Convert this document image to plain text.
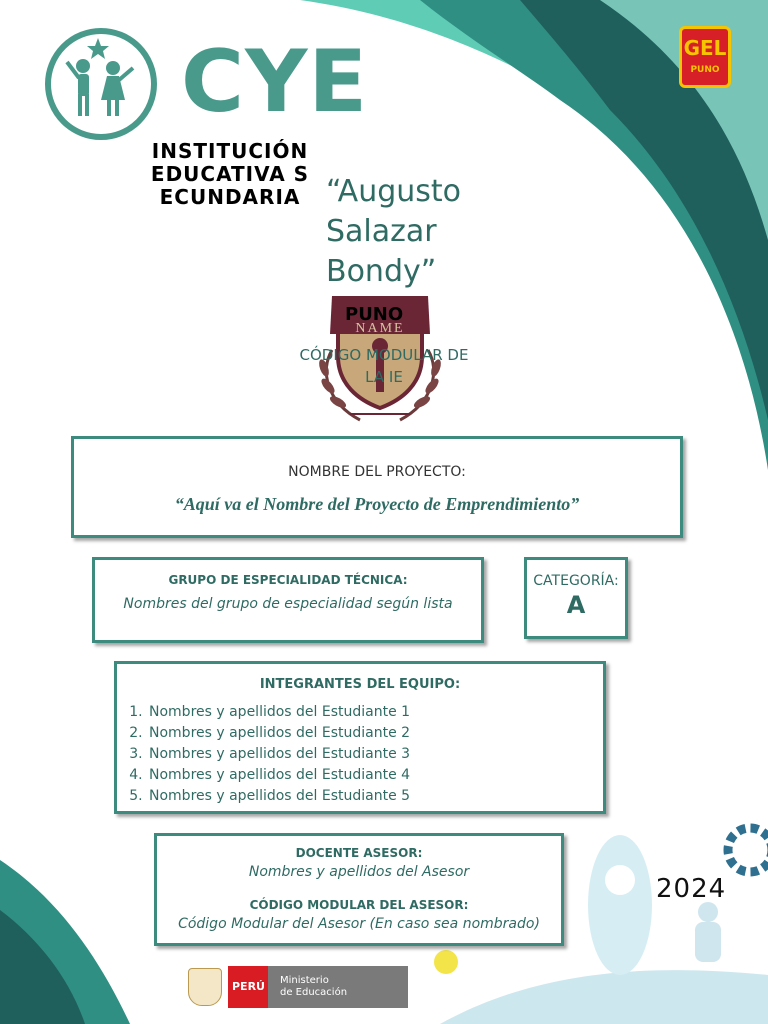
CYE	GEL
PUNO
INSTITUCIÓN EDUCATIVA SECUNDARIA “Augusto Salazar Bondy”
NAME
PUNO
CÓDIGO MODULAR DE LA IE
NOMBRE DEL PROYECTO:
“Aquí va el Nombre del Proyecto de Emprendimiento”
GRUPO DE ESPECIALIDAD TÉCNICA:
Nombres del grupo de especialidad según lista
CATEGORÍA:
A
INTEGRANTES DEL EQUIPO:
1. Nombres y apellidos del Estudiante 1
2. Nombres y apellidos del Estudiante 2
3. Nombres y apellidos del Estudiante 3
4. Nombres y apellidos del Estudiante 4
5. Nombres y apellidos del Estudiante 5
DOCENTE ASESOR:
Nombres y apellidos del Asesor
CÓDIGO MODULAR DEL ASESOR:
Código Modular del Asesor (En caso sea nombrado)
2024
PERÚ	Ministerio
de Educación
